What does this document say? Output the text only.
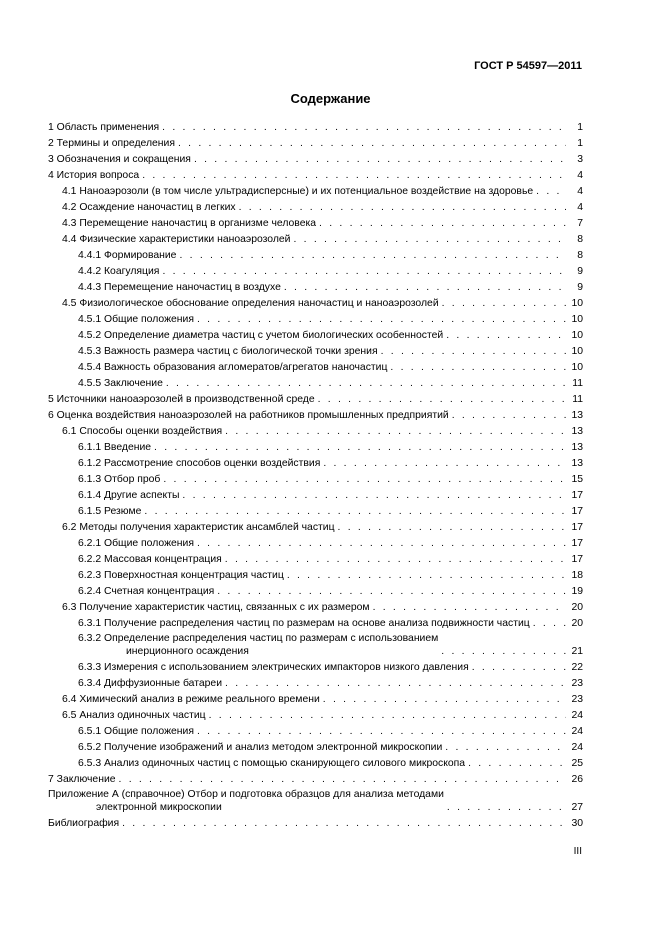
ГОСТ Р 54597—2011
Содержание
1 Область применения . . .	1
2 Термины и определения . . .	1
3 Обозначения и сокращения . . .	3
4 История вопроса . . .	4
4.1 Наноаэрозоли (в том числе ультрадисперсные) и их потенциальное воздействие на здоровье . . .	4
4.2 Осаждение наночастиц в легких . . .	4
4.3 Перемещение наночастиц в организме человека . . .	7
4.4 Физические характеристики наноаэрозолей . . .	8
4.4.1 Формирование . . .	8
4.4.2 Коагуляция . . .	9
4.4.3 Перемещение наночастиц в воздухе . . .	9
4.5 Физиологическое обоснование определения наночастиц и наноаэрозолей . . .	10
4.5.1 Общие положения . . .	10
4.5.2 Определение диаметра частиц с учетом биологических особенностей . . .	10
4.5.3 Важность размера частиц с биологической точки зрения . . .	10
4.5.4 Важность образования агломератов/агрегатов наночастиц . . .	10
4.5.5 Заключение . . .	11
5 Источники наноаэрозолей в производственной среде . . .	11
6 Оценка воздействия наноаэрозолей на работников промышленных предприятий . . .	13
6.1 Способы оценки воздействия . . .	13
6.1.1 Введение . . .	13
6.1.2 Рассмотрение способов оценки воздействия . . .	13
6.1.3 Отбор проб . . .	15
6.1.4 Другие аспекты . . .	17
6.1.5 Резюме . . .	17
6.2 Методы получения характеристик ансамблей частиц . . .	17
6.2.1 Общие положения . . .	17
6.2.2 Массовая концентрация . . .	17
6.2.3 Поверхностная концентрация частиц . . .	18
6.2.4 Счетная концентрация . . .	19
6.3 Получение характеристик частиц, связанных с их размером . . .	20
6.3.1 Получение распределения частиц по размерам на основе анализа подвижности частиц . . .	20
6.3.2 Определение распределения частиц по размерам с использованием
инерционного осаждения . . .	21
6.3.3 Измерения с использованием электрических импакторов низкого давления . . .	22
6.3.4 Диффузионные батареи . . .	23
6.4 Химический анализ в режиме реального времени . . .	23
6.5 Анализ одиночных частиц . . .	24
6.5.1 Общие положения . . .	24
6.5.2 Получение изображений и анализ методом электронной микроскопии . . .	24
6.5.3 Анализ одиночных частиц с помощью сканирующего силового микроскопа . . .	25
7 Заключение . . .	26
Приложение А (справочное) Отбор и подготовка образцов для анализа методами
электронной микроскопии . . .	27
Библиография . . .	30
III
